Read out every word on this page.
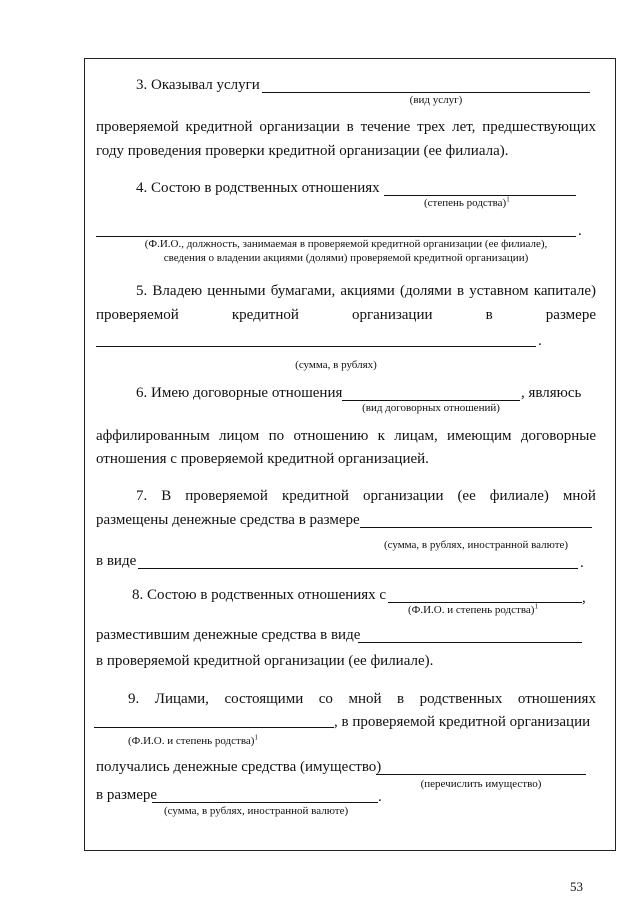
3. Оказывал услуги
(вид услуг)
проверяемой кредитной организации в течение трех лет, предшествующих
году проведения проверки кредитной организации (ее филиала).
4. Состою в родственных отношениях
(степень родства)$^1$
.
(Ф.И.О., должность, занимаемая в проверяемой кредитной организации (ее филиале),
сведения о владении акциями (долями) проверяемой кредитной организации)
5. Владею ценными бумагами, акциями (долями в уставном капитале)
проверяемой	кредитной	организации	в	размере
.
(сумма, в рублях)
6. Имею договорные отношения	, являюсь
(вид договорных отношений)
аффилированным лицом по отношению к лицам, имеющим договорные
отношения с проверяемой кредитной организацией.
7. В проверяемой кредитной организации (ее филиале) мной
размещены денежные средства в размере
(сумма, в рублях, иностранной валюте)
в виде	.
8. Состою в родственных отношениях с	,
(Ф.И.О. и степень родства)$^1$
разместившим денежные средства в виде
в проверяемой кредитной организации (ее филиале).
9. Лицами, состоящими со мной в родственных отношениях
, в проверяемой кредитной организации
(Ф.И.О. и степень родства)$^1$
получались денежные средства (имущество)
(перечислить имущество)
в размере	.
(сумма, в рублях, иностранной валюте)
53
